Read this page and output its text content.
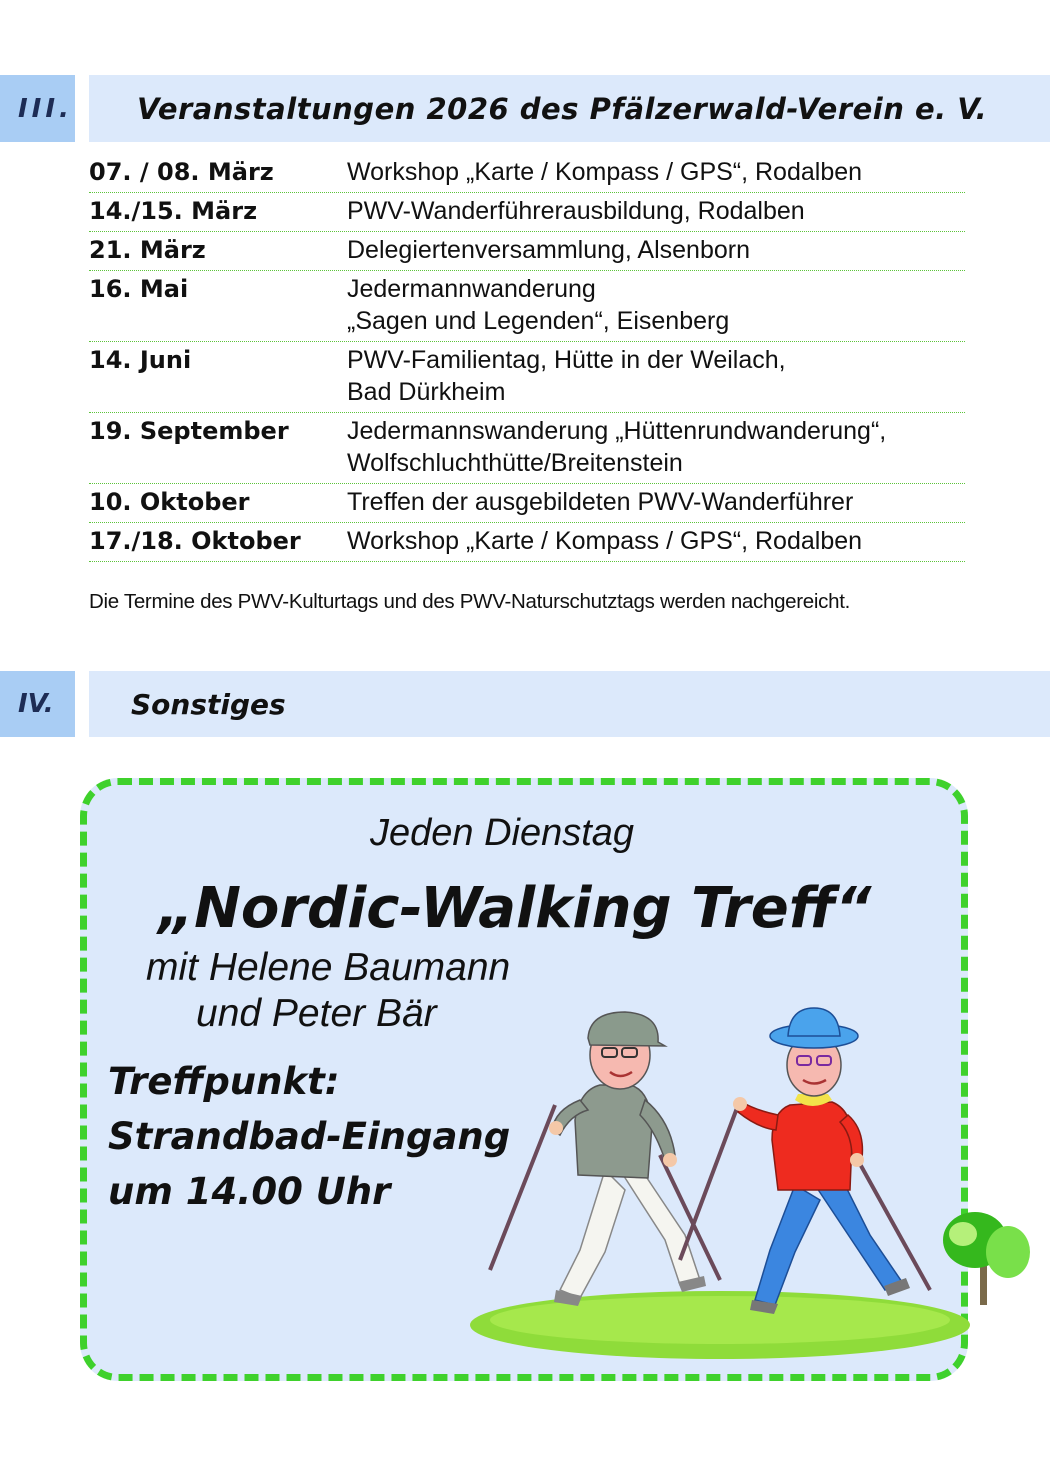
III.	Veranstaltungen 2026 des Pfälzerwald-Verein e. V.
07. / 08. März	Workshop „Karte / Kompass / GPS“, Rodalben
14./15. März	PWV-Wanderführerausbildung, Rodalben
21. März	Delegiertenversammlung, Alsenborn
16. Mai	Jedermannwanderung
„Sagen und Legenden“, Eisenberg
14. Juni	PWV-Familientag, Hütte in der Weilach,
Bad Dürkheim
19. September	Jedermannswanderung „Hüttenrundwanderung“,
Wolfschluchthütte/Breitenstein
10. Oktober	Treffen der ausgebildeten PWV-Wanderführer
17./18. Oktober	Workshop „Karte / Kompass / GPS“, Rodalben
Die Termine des PWV-Kulturtags und des PWV-Naturschutztags werden nachgereicht.
IV.	Sonstiges
Jeden Dienstag
„Nordic-Walking Treff“
mit Helene Baumann
und Peter Bär
Treffpunkt:
Strandbad-Eingang
um 14.00 Uhr
